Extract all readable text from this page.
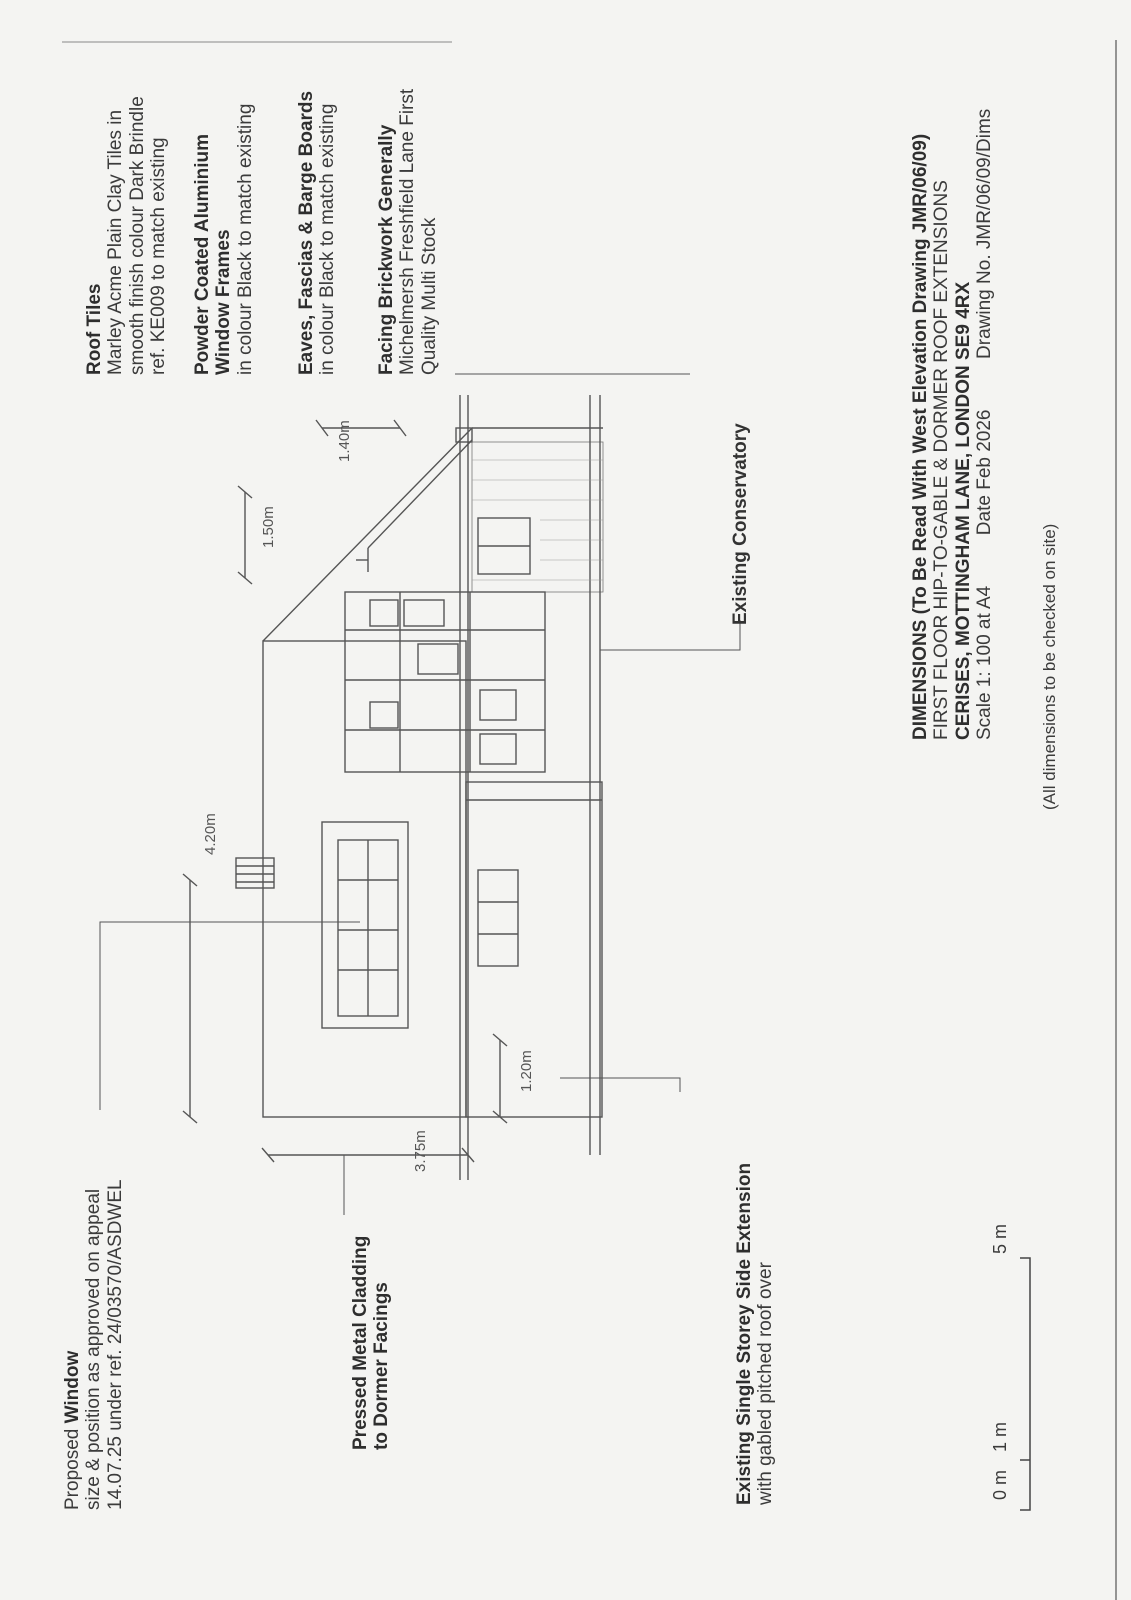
Proposed Window size & position as approved on appeal 14.07.25 under ref. 24/03570/ASDWEL	Pressed Metal Cladding to Dormer Facings	Existing Single Storey Side Extension with gabled pitched roof over
Roof Tiles Marley Acme Plain Clay Tiles in smooth finish colour Dark Brindle ref. KE009 to match existing Powder Coated Aluminium Window Frames in colour Black to match existing Eaves, Fascias & Barge Boards in colour Black to match existing Facing Brickwork Generally Michelmersh Freshfield Lane First Quality Multi Stock
Existing Conservatory
3.75m
4.20m
1.20m
1.50m
1.40m	DIMENSIONS (To Be Read With West Elevation Drawing JMR/06/09) FIRST FLOOR HIP-TO-GABLE & DORMER ROOF EXTENSIONS CERISES, MOTTINGHAM LANE, LONDON SE9 4RX Scale 1: 100 at A4  Date Feb 2026  Drawing No. JMR/06/09/Dims
(All dimensions to be checked on site)
0 m
1 m
5 m
